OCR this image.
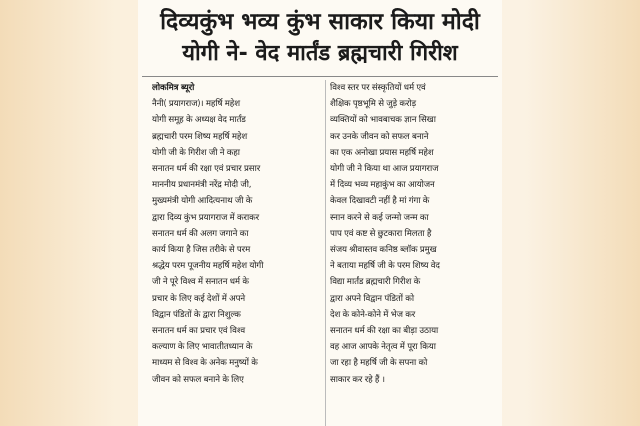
दिव्यकुंभ भव्य कुंभ साकार किया मोदी
योगी ने- वेद मार्तंड ब्रह्मचारी गिरीश
लोकमित्र ब्यूरो
नैनी( प्रयागराज)। महर्षि महेश
योगी समूह के अध्यक्ष वेद मार्तंड
ब्रह्मचारी परम शिष्य महर्षि महेश
योगी जी के गिरीश जी ने कहा
सनातन धर्म की रक्षा एवं प्रचार प्रसार
माननीय प्रधानमंत्री नरेंद्र मोदी जी,
मुख्यमंत्री योगी आदित्यनाथ जी के
द्वारा दिव्य कुंभ प्रयागराज में कराकर
सनातन धर्म की अलग जगाने का
कार्य किया है जिस तरीके से परम
श्रद्धेय परम पूजनीय महर्षि महेश योगी
जी ने पूरे विश्व में सनातन धर्म के
प्रचार के लिए कई देशों में अपने
विद्वान पंडितों के द्वारा निशुल्क
सनातन धर्म का प्रचार एवं विश्व
कल्याण के लिए भावातीतध्यान के
माध्यम से विश्व के अनेक मनुष्यों के
जीवन को सफल बनाने के लिए
विश्व स्तर पर संस्कृतियों धर्म एवं
शैक्षिक पृष्ठभूमि से जुड़े करोड़
व्यक्तियों को भावबाचक ज्ञान सिखा
कर उनके जीवन को सफल बनाने
का एक अनोखा प्रयास महर्षि महेश
योगी जी ने किया था आज प्रयागराज
में दिव्य भव्य महाकुंभ का आयोजन
केवल दिखावटी नहीं है मां गंगा के
स्नान करने से कई जन्मो जन्म का
पाप एवं कष्ट से छुटकारा मिलता है
संजय श्रीवास्तव कनिष्ठ ब्लॉक प्रमुख
ने बताया महर्षि जी के परम शिष्य वेद
विद्या मार्तंड ब्रह्मचारी गिरीश के
द्वारा अपने विद्वान पंडितों को
देश के कोने-कोने में भेज कर
सनातन धर्म की रक्षा का बीड़ा उठाया
वह आज आपके नेतृत्व में पूरा किया
जा रहा है महर्षि जी के सपना को
साकार कर रहे हैं ।
